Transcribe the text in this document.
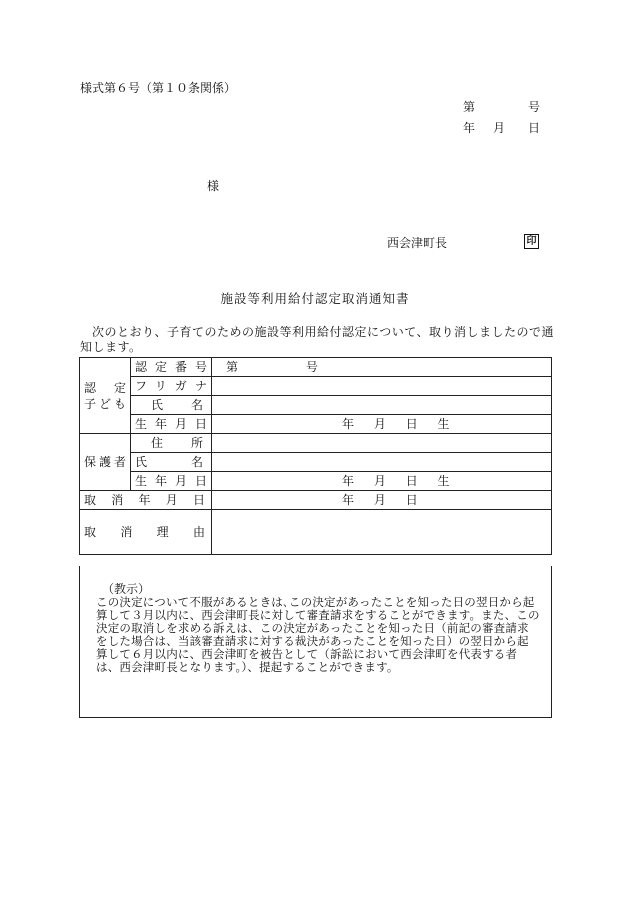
様式第６号（第１０条関係）
第	号
年 月 日
様
西会津町長	印
施設等利用給付認定取消通知書
次のとおり、子育てのための施設等利用給付認定について、取り消しましたので通知します。
認　定
子ども	認定番号	第 号
	フリガナ	
	氏名	
	生年月日	年 月 日 生

保護者	住所	
	氏名	
	生年月日	年 月 日 生
取消年月日		年 月 日
取消理由		
（教示）
この決定について不服があるときは､この決定があったことを知った日の翌日から起算して３月以内に、西会津町長に対して審査請求をすることができます。また、この決定の取消しを求める訴えは、この決定があったことを知った日（前記の審査請求をした場合は、当該審査請求に対する裁決があったことを知った日）の翌日から起算して６月以内に、西会津町を被告として（訴訟において西会津町を代表する者は、西会津町長となります。）、提起することができます。
